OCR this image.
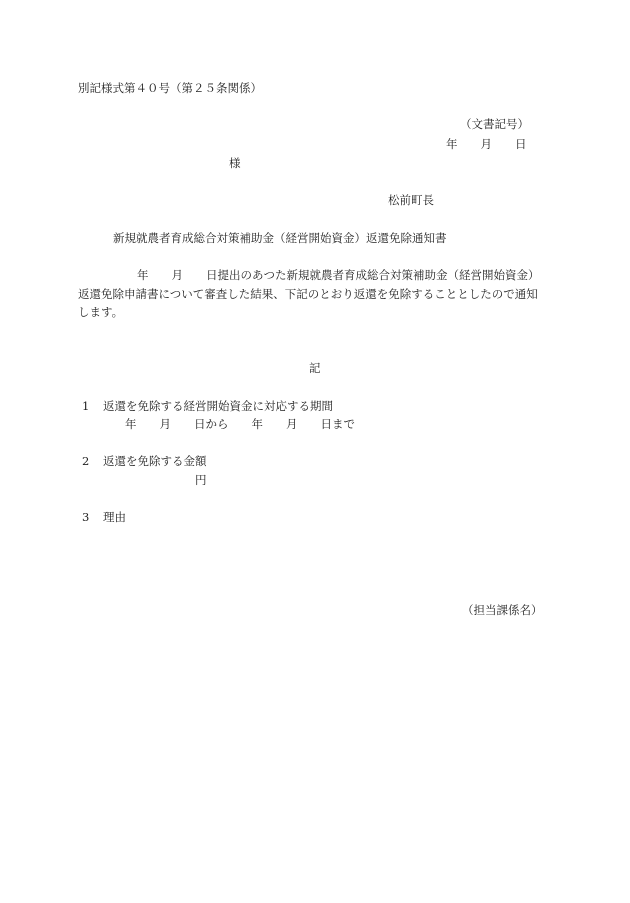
別記様式第４０号（第２５条関係）
（文書記号）
年　　月　　日
様
松前町長
新規就農者育成総合対策補助金（経営開始資金）返還免除通知書
年　　月　　日提出のあつた新規就農者育成総合対策補助金（経営開始資金）
返還免除申請書について審査した結果、下記のとおり返還を免除することとしたので通知
します。
記
1 返還を免除する経営開始資金に対応する期間
年　　月　　日から　　年　　月　　日まで
2 返還を免除する金額
円
3 理由
（担当課係名）
